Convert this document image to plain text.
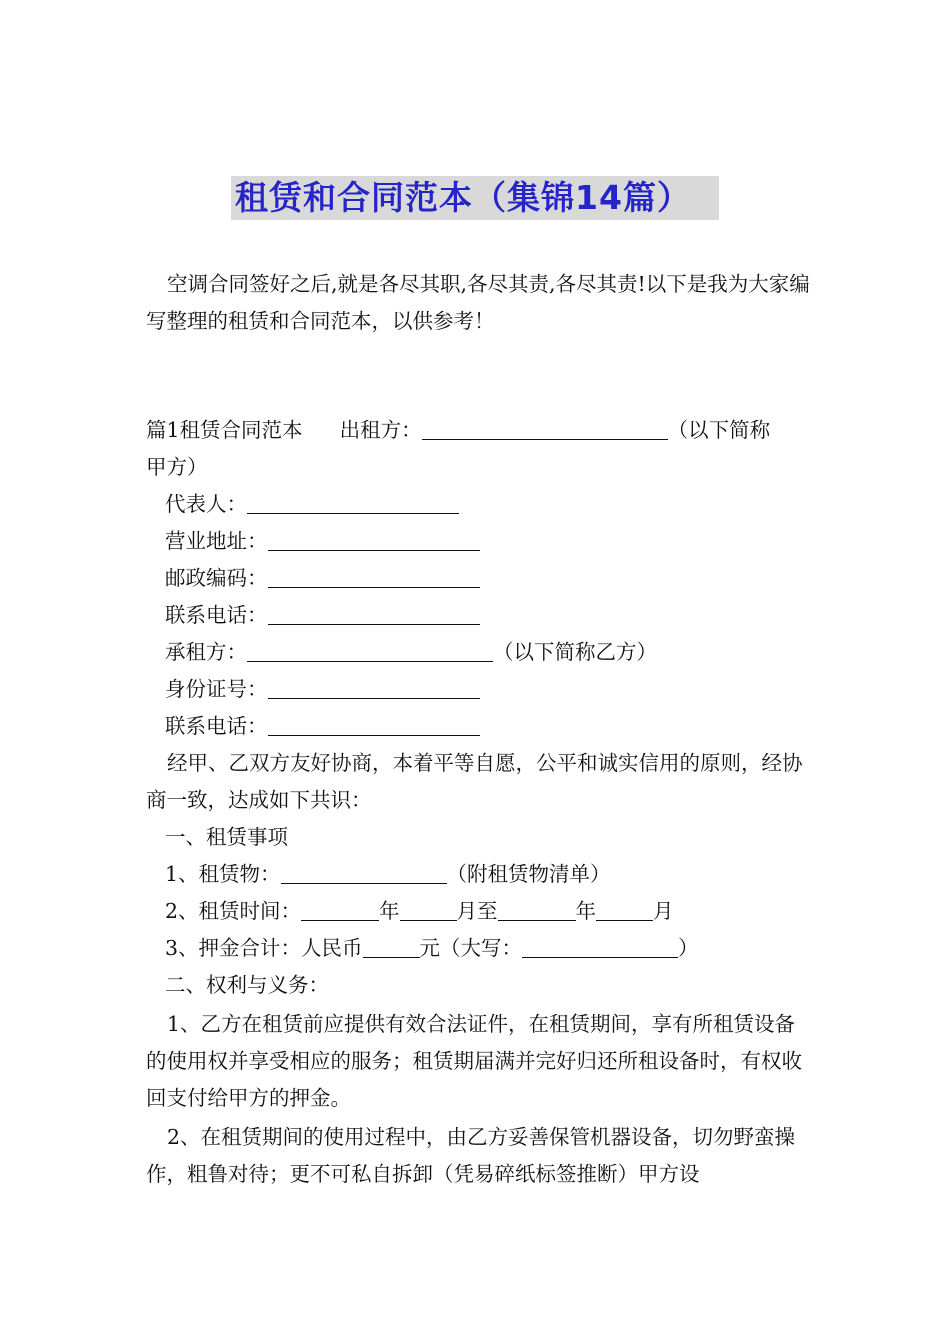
租赁和合同范本（集锦14篇）

空调合同签好之后,就是各尽其职,各尽其责,各尽其责!以下是我为大家编写整理的租赁和合同范本，以供参考！

篇1租赁合同范本 出租方：	（以下简称

甲方）

代表人：

营业地址：

邮政编码：

联系电话：

承租方：	（以下简称乙方）

身份证号：

联系电话：

经甲、乙双方友好协商，本着平等自愿，公平和诚实信用的原则，经协商一致，达成如下共识：

一、租赁事项

1、租赁物：	（附租赁物清单）

2、租赁时间：	年	月至	年	月

3、押金合计：人民币	元（大写：	）

二、权利与义务：

1、乙方在租赁前应提供有效合法证件，在租赁期间，享有所租赁设备的使用权并享受相应的服务；租赁期届满并完好归还所租设备时，有权收回支付给甲方的押金。

2、在租赁期间的使用过程中，由乙方妥善保管机器设备，切勿野蛮操作，粗鲁对待；更不可私自拆卸（凭易碎纸标签推断）甲方设
